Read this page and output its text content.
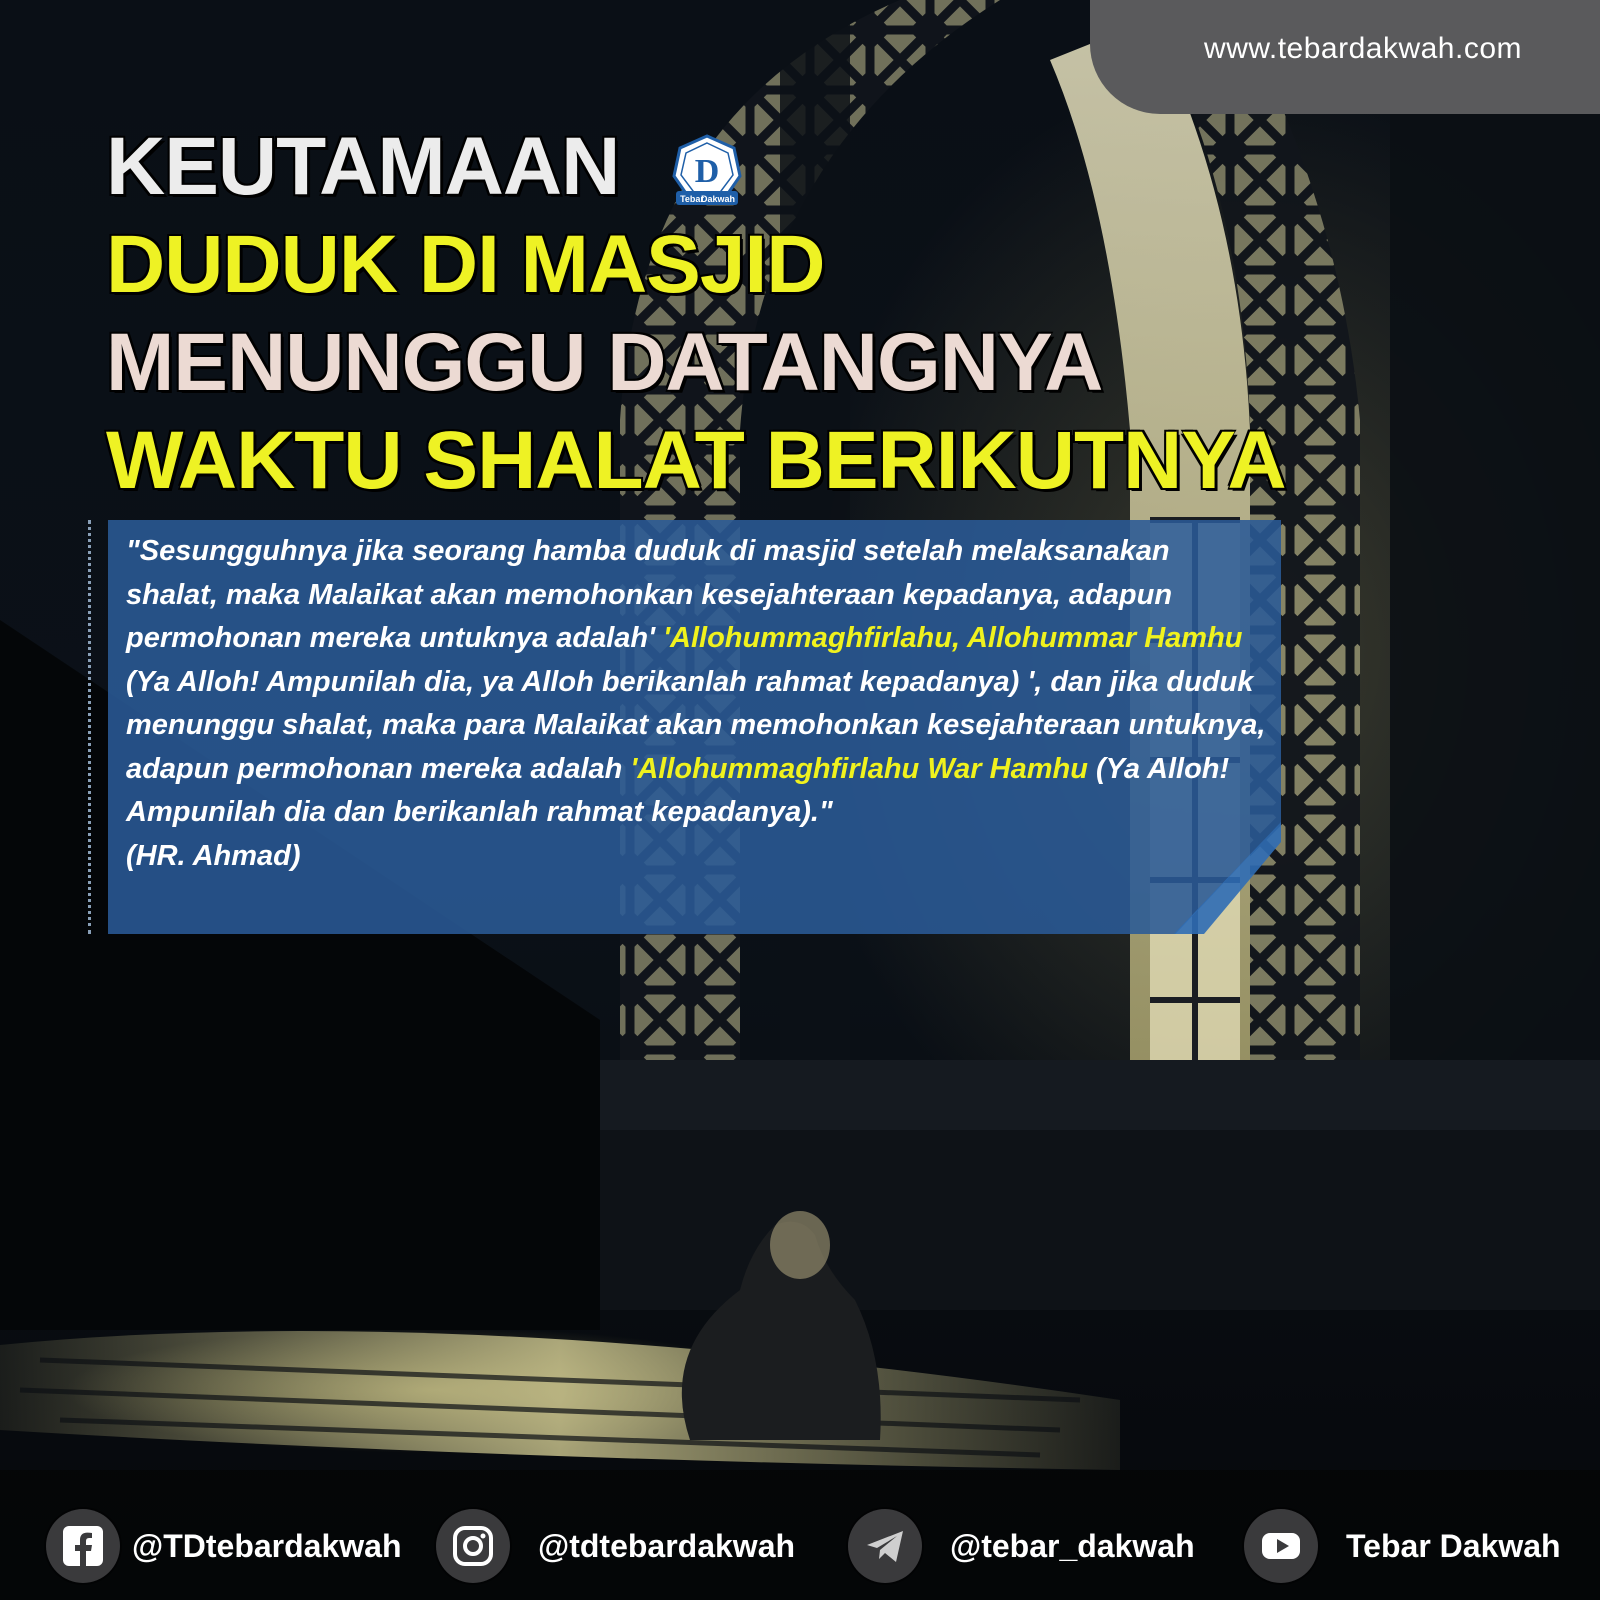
www.tebardakwah.com
KEUTAMAAN
DUDUK DI MASJID
MENUNGGU DATANGNYA
WAKTU SHALAT BERIKUTNYA
D
Tebar
Dakwah

"Sesungguhnya jika seorang hamba duduk di masjid setelah melaksanakan shalat, maka Malaikat akan memohonkan kesejahteraan kepadanya, adapun permohonan mereka untuknya adalah' 'Allohummaghfirlahu, Allohummar Hamhu (Ya Alloh! Ampunilah dia, ya Alloh berikanlah rahmat kepadanya) ', dan jika duduk menunggu shalat, maka para Malaikat akan memohonkan kesejahteraan untuknya, adapun permohonan mereka adalah 'Allohummaghfirlahu War Hamhu (Ya Alloh! Ampunilah dia dan berikanlah rahmat kepadanya)."
(HR. Ahmad)

@TDtebardakwah	@tdtebardakwah	@tebar_dakwah	Tebar Dakwah
